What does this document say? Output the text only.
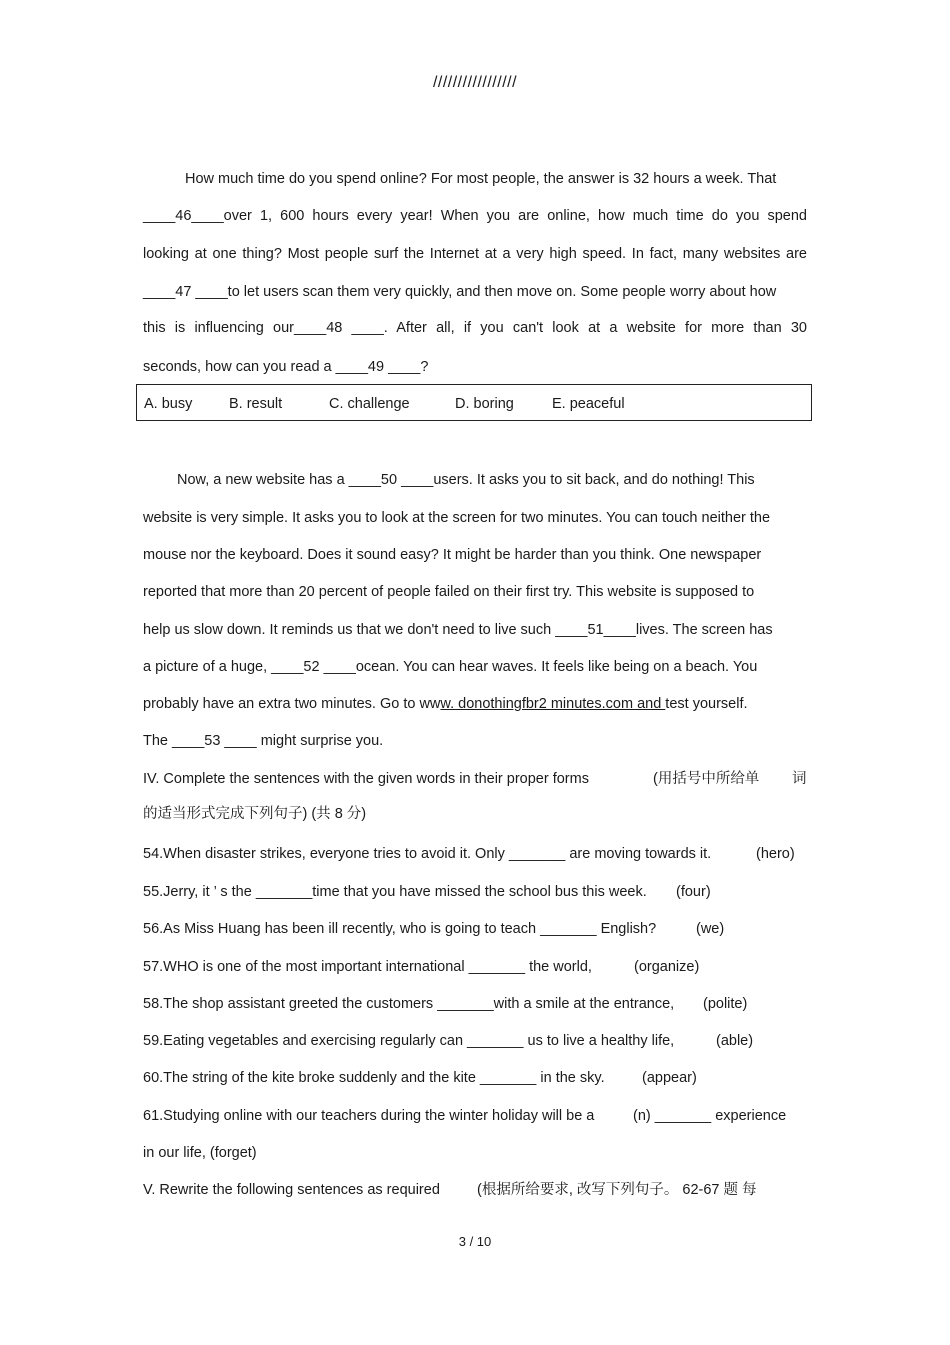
/////////////////
How much time do you spend online? For most people, the answer is 32 hours a week. That
____46____over 1, 600 hours every year! When you are online, how much time do you spend
looking at one thing? Most people surf the Internet at a very high speed. In fact, many websites are
____47 ____to let users scan them very quickly, and then move on. Some people worry about how
this is influencing our____48 ____. After all, if you can't look at a website for more than 30
seconds, how can you read a ____49 ____?
A. busy	B. result	C. challenge	D. boring	E. peaceful
Now, a new website has a ____50 ____users. It asks you to sit back, and do nothing! This
website is very simple. It asks you to look at the screen for two minutes. You can touch neither the
mouse nor the keyboard. Does it sound easy? It might be harder than you think. One newspaper
reported that more than 20 percent of people failed on their first try. This website is supposed to
help us slow down. It reminds us that we don't need to live such ____51____lives. The screen has
a picture of a huge, ____52 ____ocean. You can hear waves. It feels like being on a beach. You
probably have an extra two minutes. Go to www. donothingfbr2 minutes.com and test yourself.
The ____53 ____ might surprise you.
IV. Complete the sentences with the given words in their proper forms	(用括号中所给单 词
的适当形式完成下列句子) (共 8 分)
54.When disaster strikes, everyone tries to avoid it. Only _______ are moving towards it.	(hero)
55.Jerry, it ’ s the _______time that you have missed the school bus this week. (four)
56.As Miss Huang has been ill recently, who is going to teach _______ English?	(we)
57.WHO is one of the most important international _______ the world,	(organize)
58.The shop assistant greeted the customers _______with a smile at the entrance, (polite)
59.Eating vegetables and exercising regularly can _______ us to live a healthy life,	(able)
60.The string of the kite broke suddenly and the kite _______ in the sky.	(appear)
61.Studying online with our teachers during the winter holiday will be a	(n) _______ experience
in our life, (forget)
V. Rewrite the following sentences as required	(根据所给要求, 改写下列句子。 62-67 题 每
3 / 10
